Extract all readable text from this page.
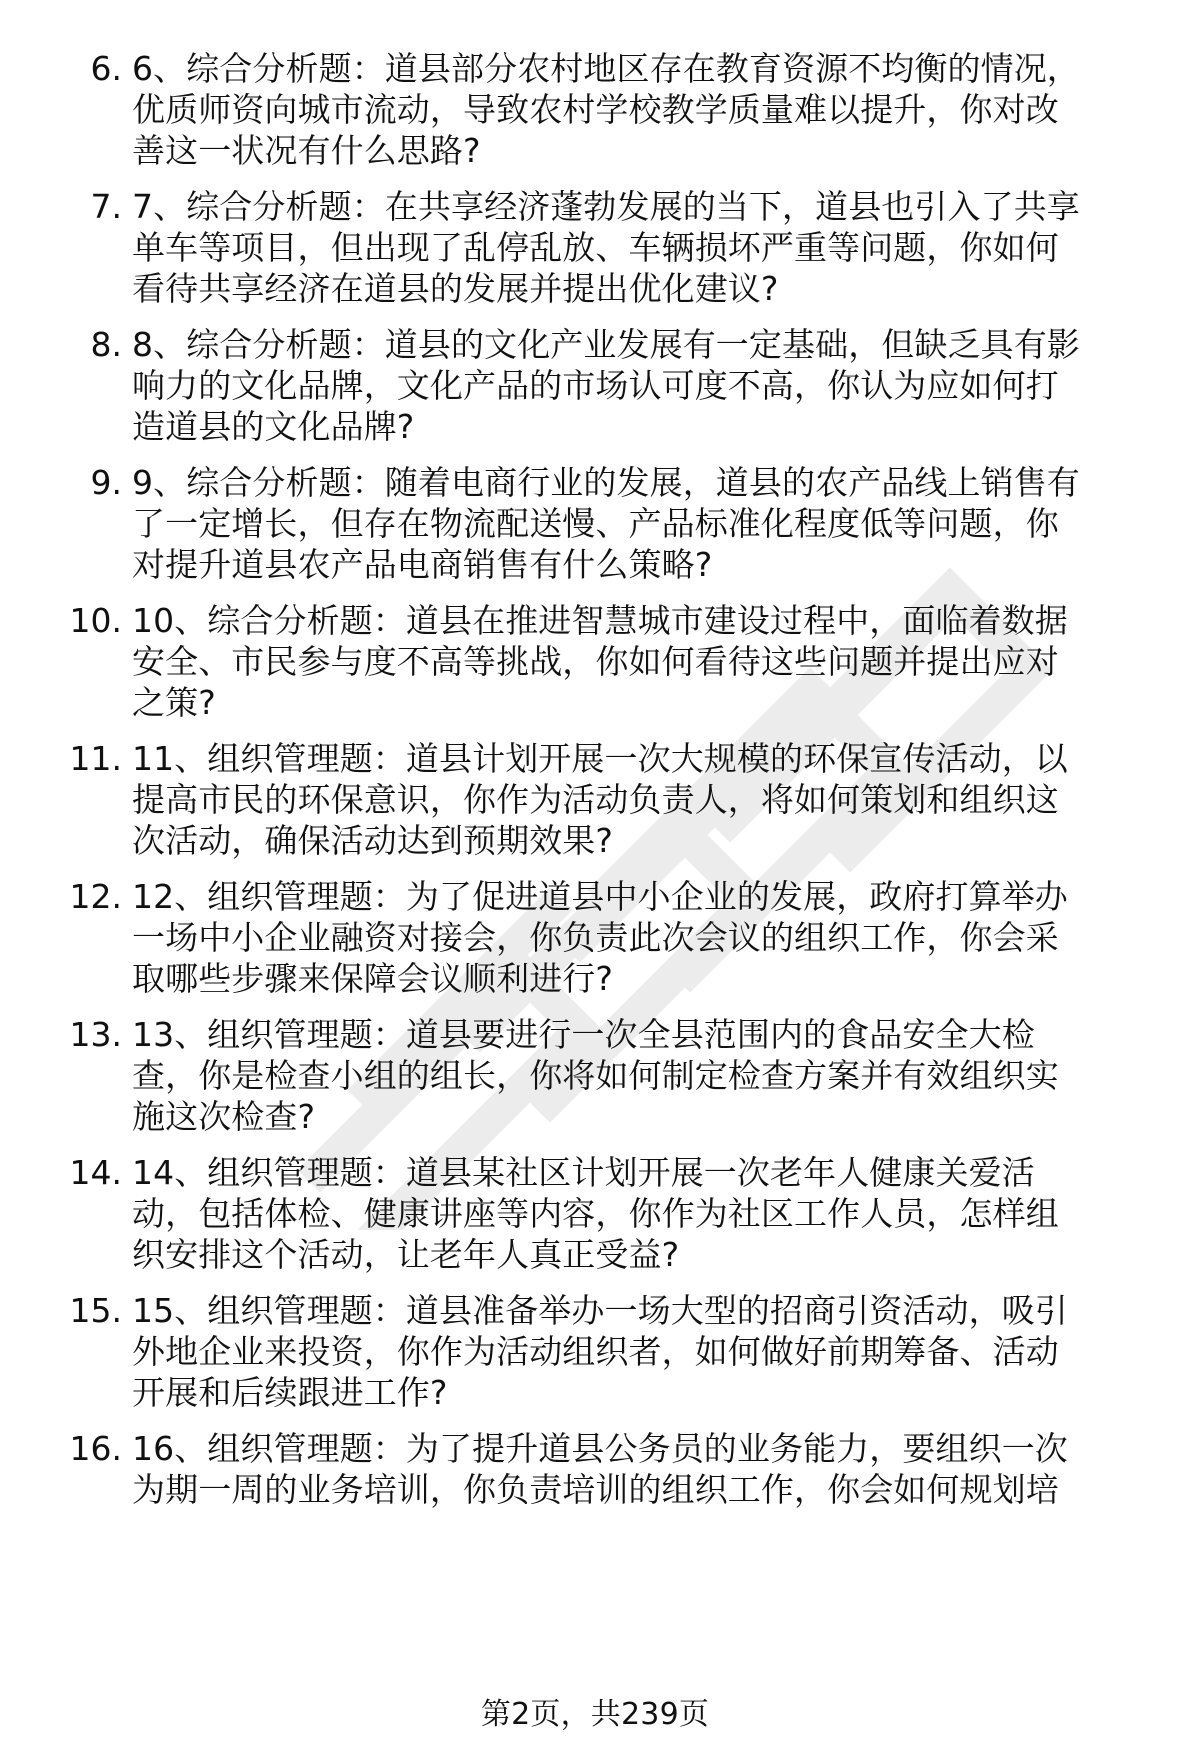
6. 6、综合分析题：道县部分农村地区存在教育资源不均衡的情况，
优质师资向城市流动，导致农村学校教学质量难以提升，你对改
善这一状况有什么思路?
7. 7、综合分析题：在共享经济蓬勃发展的当下，道县也引入了共享
单车等项目，但出现了乱停乱放、车辆损坏严重等问题，你如何
看待共享经济在道县的发展并提出优化建议?
8. 8、综合分析题：道县的文化产业发展有一定基础，但缺乏具有影
响力的文化品牌，文化产品的市场认可度不高，你认为应如何打
造道县的文化品牌?
9. 9、综合分析题：随着电商行业的发展，道县的农产品线上销售有
了一定增长，但存在物流配送慢、产品标准化程度低等问题，你
对提升道县农产品电商销售有什么策略?
10. 10、综合分析题：道县在推进智慧城市建设过程中，面临着数据
安全、市民参与度不高等挑战，你如何看待这些问题并提出应对
之策?
11. 11、组织管理题：道县计划开展一次大规模的环保宣传活动，以
提高市民的环保意识，你作为活动负责人，将如何策划和组织这
次活动，确保活动达到预期效果?
12. 12、组织管理题：为了促进道县中小企业的发展，政府打算举办
一场中小企业融资对接会，你负责此次会议的组织工作，你会采
取哪些步骤来保障会议顺利进行?
13. 13、组织管理题：道县要进行一次全县范围内的食品安全大检
查，你是检查小组的组长，你将如何制定检查方案并有效组织实
施这次检查?
14. 14、组织管理题：道县某社区计划开展一次老年人健康关爱活
动，包括体检、健康讲座等内容，你作为社区工作人员，怎样组
织安排这个活动，让老年人真正受益?
15. 15、组织管理题：道县准备举办一场大型的招商引资活动，吸引
外地企业来投资，你作为活动组织者，如何做好前期筹备、活动
开展和后续跟进工作?
16. 16、组织管理题：为了提升道县公务员的业务能力，要组织一次
为期一周的业务培训，你负责培训的组织工作，你会如何规划培
第2页，共239页
